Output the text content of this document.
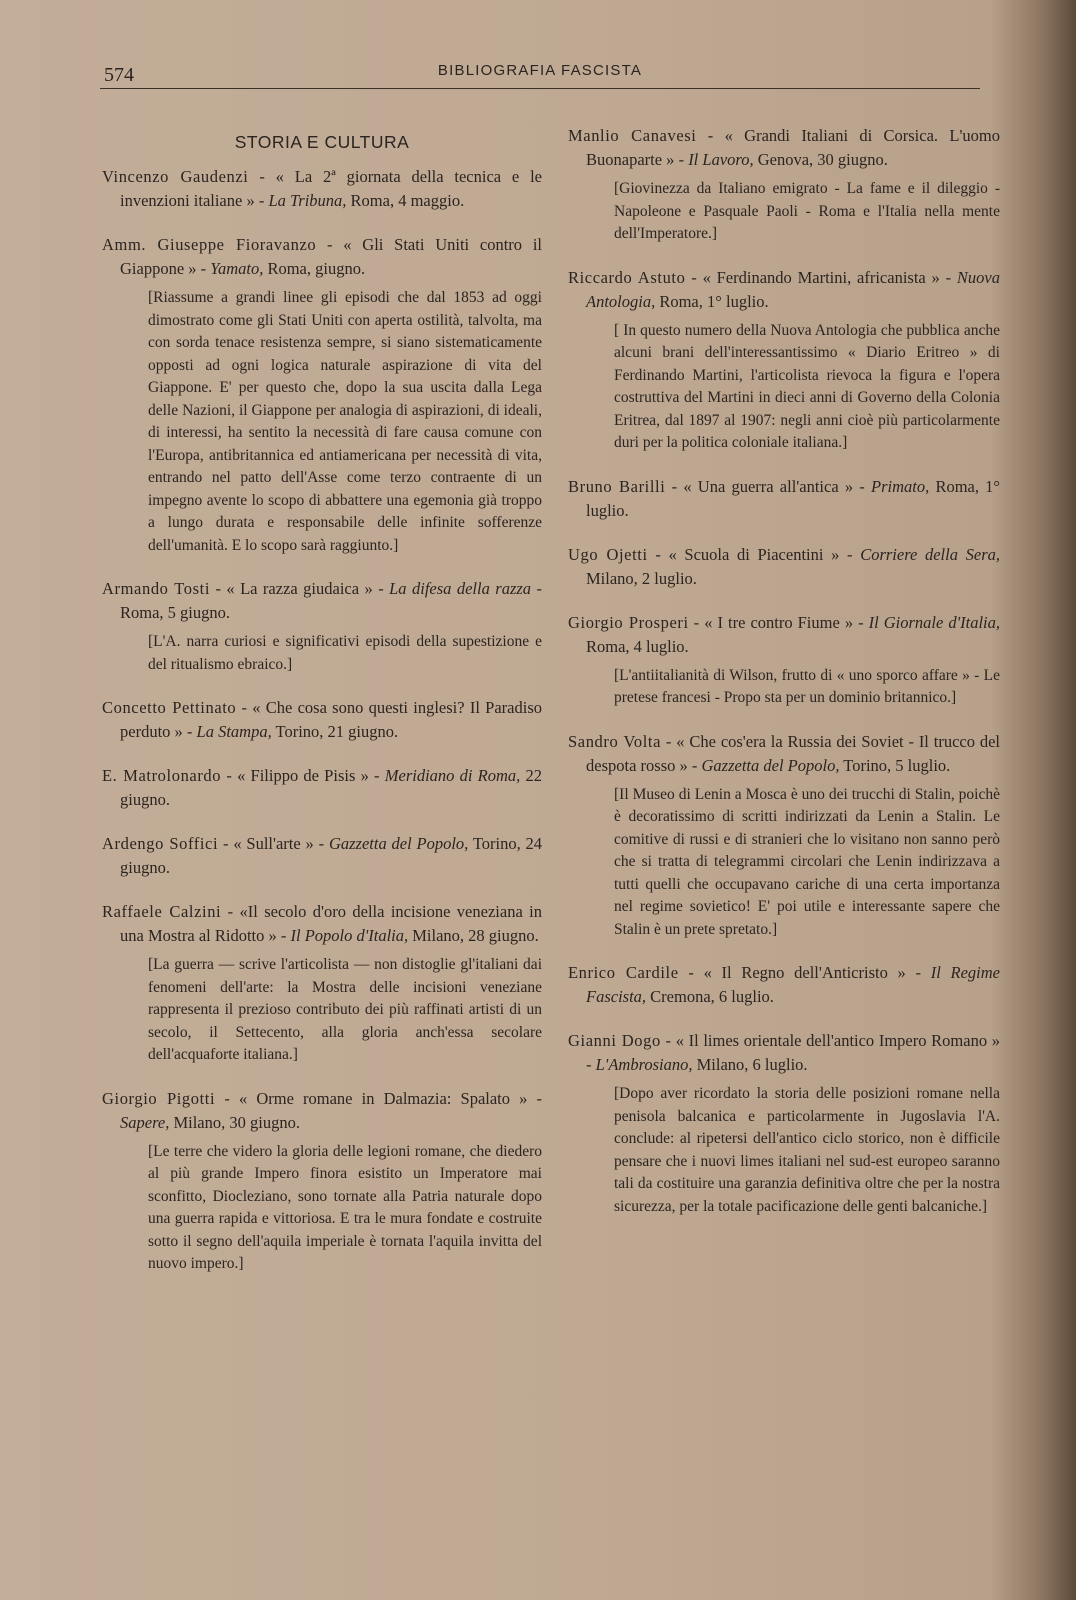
574	BIBLIOGRAFIA FASCISTA
STORIA E CULTURA
Vincenzo Gaudenzi - « La 2ª giornata della tecnica e le invenzioni italiane » - La Tribuna, Roma, 4 maggio.
Amm. Giuseppe Fioravanzo - « Gli Stati Uniti contro il Giappone » - Yamato, Roma, giugno.
[Riassume a grandi linee gli episodi che dal 1853 ad oggi dimostrato come gli Stati Uniti con aperta ostilità, talvolta, ma con sorda tenace resistenza sempre, si siano sistematicamente opposti ad ogni logica naturale aspirazione di vita del Giappone. E' per questo che, dopo la sua uscita dalla Lega delle Nazioni, il Giappone per analogia di aspirazioni, di ideali, di interessi, ha sentito la necessità di fare causa comune con l'Europa, antibritannica ed antiamericana per necessità di vita, entrando nel patto dell'Asse come terzo contraente di un impegno avente lo scopo di abbattere una egemonia già troppo a lungo durata e responsabile delle infinite sofferenze dell'umanità. E lo scopo sarà raggiunto.]
Armando Tosti - « La razza giudaica » - La difesa della razza - Roma, 5 giugno.
[L'A. narra curiosi e significativi episodi della supestizione e del ritualismo ebraico.]
Concetto Pettinato - « Che cosa sono questi inglesi? Il Paradiso perduto » - La Stampa, Torino, 21 giugno.
E. Matrolonardo - « Filippo de Pisis » - Meridiano di Roma, 22 giugno.
Ardengo Soffici - « Sull'arte » - Gazzetta del Popolo, Torino, 24 giugno.
Raffaele Calzini - «Il secolo d'oro della incisione veneziana in una Mostra al Ridotto » - Il Popolo d'Italia, Milano, 28 giugno.
[La guerra — scrive l'articolista — non distoglie gl'italiani dai fenomeni dell'arte: la Mostra delle incisioni veneziane rappresenta il prezioso contributo dei più raffinati artisti di un secolo, il Settecento, alla gloria anch'essa secolare dell'acquaforte italiana.]
Giorgio Pigotti - « Orme romane in Dalmazia: Spalato » - Sapere, Milano, 30 giugno.
[Le terre che videro la gloria delle legioni romane, che diedero al più grande Impero finora esistito un Imperatore mai sconfitto, Diocleziano, sono tornate alla Patria naturale dopo una guerra rapida e vittoriosa. E tra le mura fondate e costruite sotto il segno dell'aquila imperiale è tornata l'aquila invitta del nuovo impero.]
Manlio Canavesi - « Grandi Italiani di Corsica. L'uomo Buonaparte » - Il Lavoro, Genova, 30 giugno.
[Giovinezza da Italiano emigrato - La fame e il dileggio - Napoleone e Pasquale Paoli - Roma e l'Italia nella mente dell'Imperatore.]
Riccardo Astuto - « Ferdinando Martini, africanista » - Nuova Antologia, Roma, 1° luglio.
[ In questo numero della Nuova Antologia che pubblica anche alcuni brani dell'interessantissimo « Diario Eritreo » di Ferdinando Martini, l'articolista rievoca la figura e l'opera costruttiva del Martini in dieci anni di Governo della Colonia Eritrea, dal 1897 al 1907: negli anni cioè più particolarmente duri per la politica coloniale italiana.]
Bruno Barilli - « Una guerra all'antica » - Primato, Roma, 1° luglio.
Ugo Ojetti - « Scuola di Piacentini » - Corriere della Sera, Milano, 2 luglio.
Giorgio Prosperi - « I tre contro Fiume » - Il Giornale d'Italia, Roma, 4 luglio.
[L'antiitalianità di Wilson, frutto di « uno sporco affare » - Le pretese francesi - Propo sta per un dominio britannico.]
Sandro Volta - « Che cos'era la Russia dei Soviet - Il trucco del despota rosso » - Gazzetta del Popolo, Torino, 5 luglio.
[Il Museo di Lenin a Mosca è uno dei trucchi di Stalin, poichè è decoratissimo di scritti indirizzati da Lenin a Stalin. Le comitive di russi e di stranieri che lo visitano non sanno però che si tratta di telegrammi circolari che Lenin indirizzava a tutti quelli che occupavano cariche di una certa importanza nel regime sovietico! E' poi utile e interessante sapere che Stalin è un prete spretato.]
Enrico Cardile - « Il Regno dell'Anticristo » - Il Regime Fascista, Cremona, 6 luglio.
Gianni Dogo - « Il limes orientale dell'antico Impero Romano » - L'Ambrosiano, Milano, 6 luglio.
[Dopo aver ricordato la storia delle posizioni romane nella penisola balcanica e particolarmente in Jugoslavia l'A. conclude: al ripetersi dell'antico ciclo storico, non è difficile pensare che i nuovi limes italiani nel sud-est europeo saranno tali da costituire una garanzia definitiva oltre che per la nostra sicurezza, per la totale pacificazione delle genti balcaniche.]
